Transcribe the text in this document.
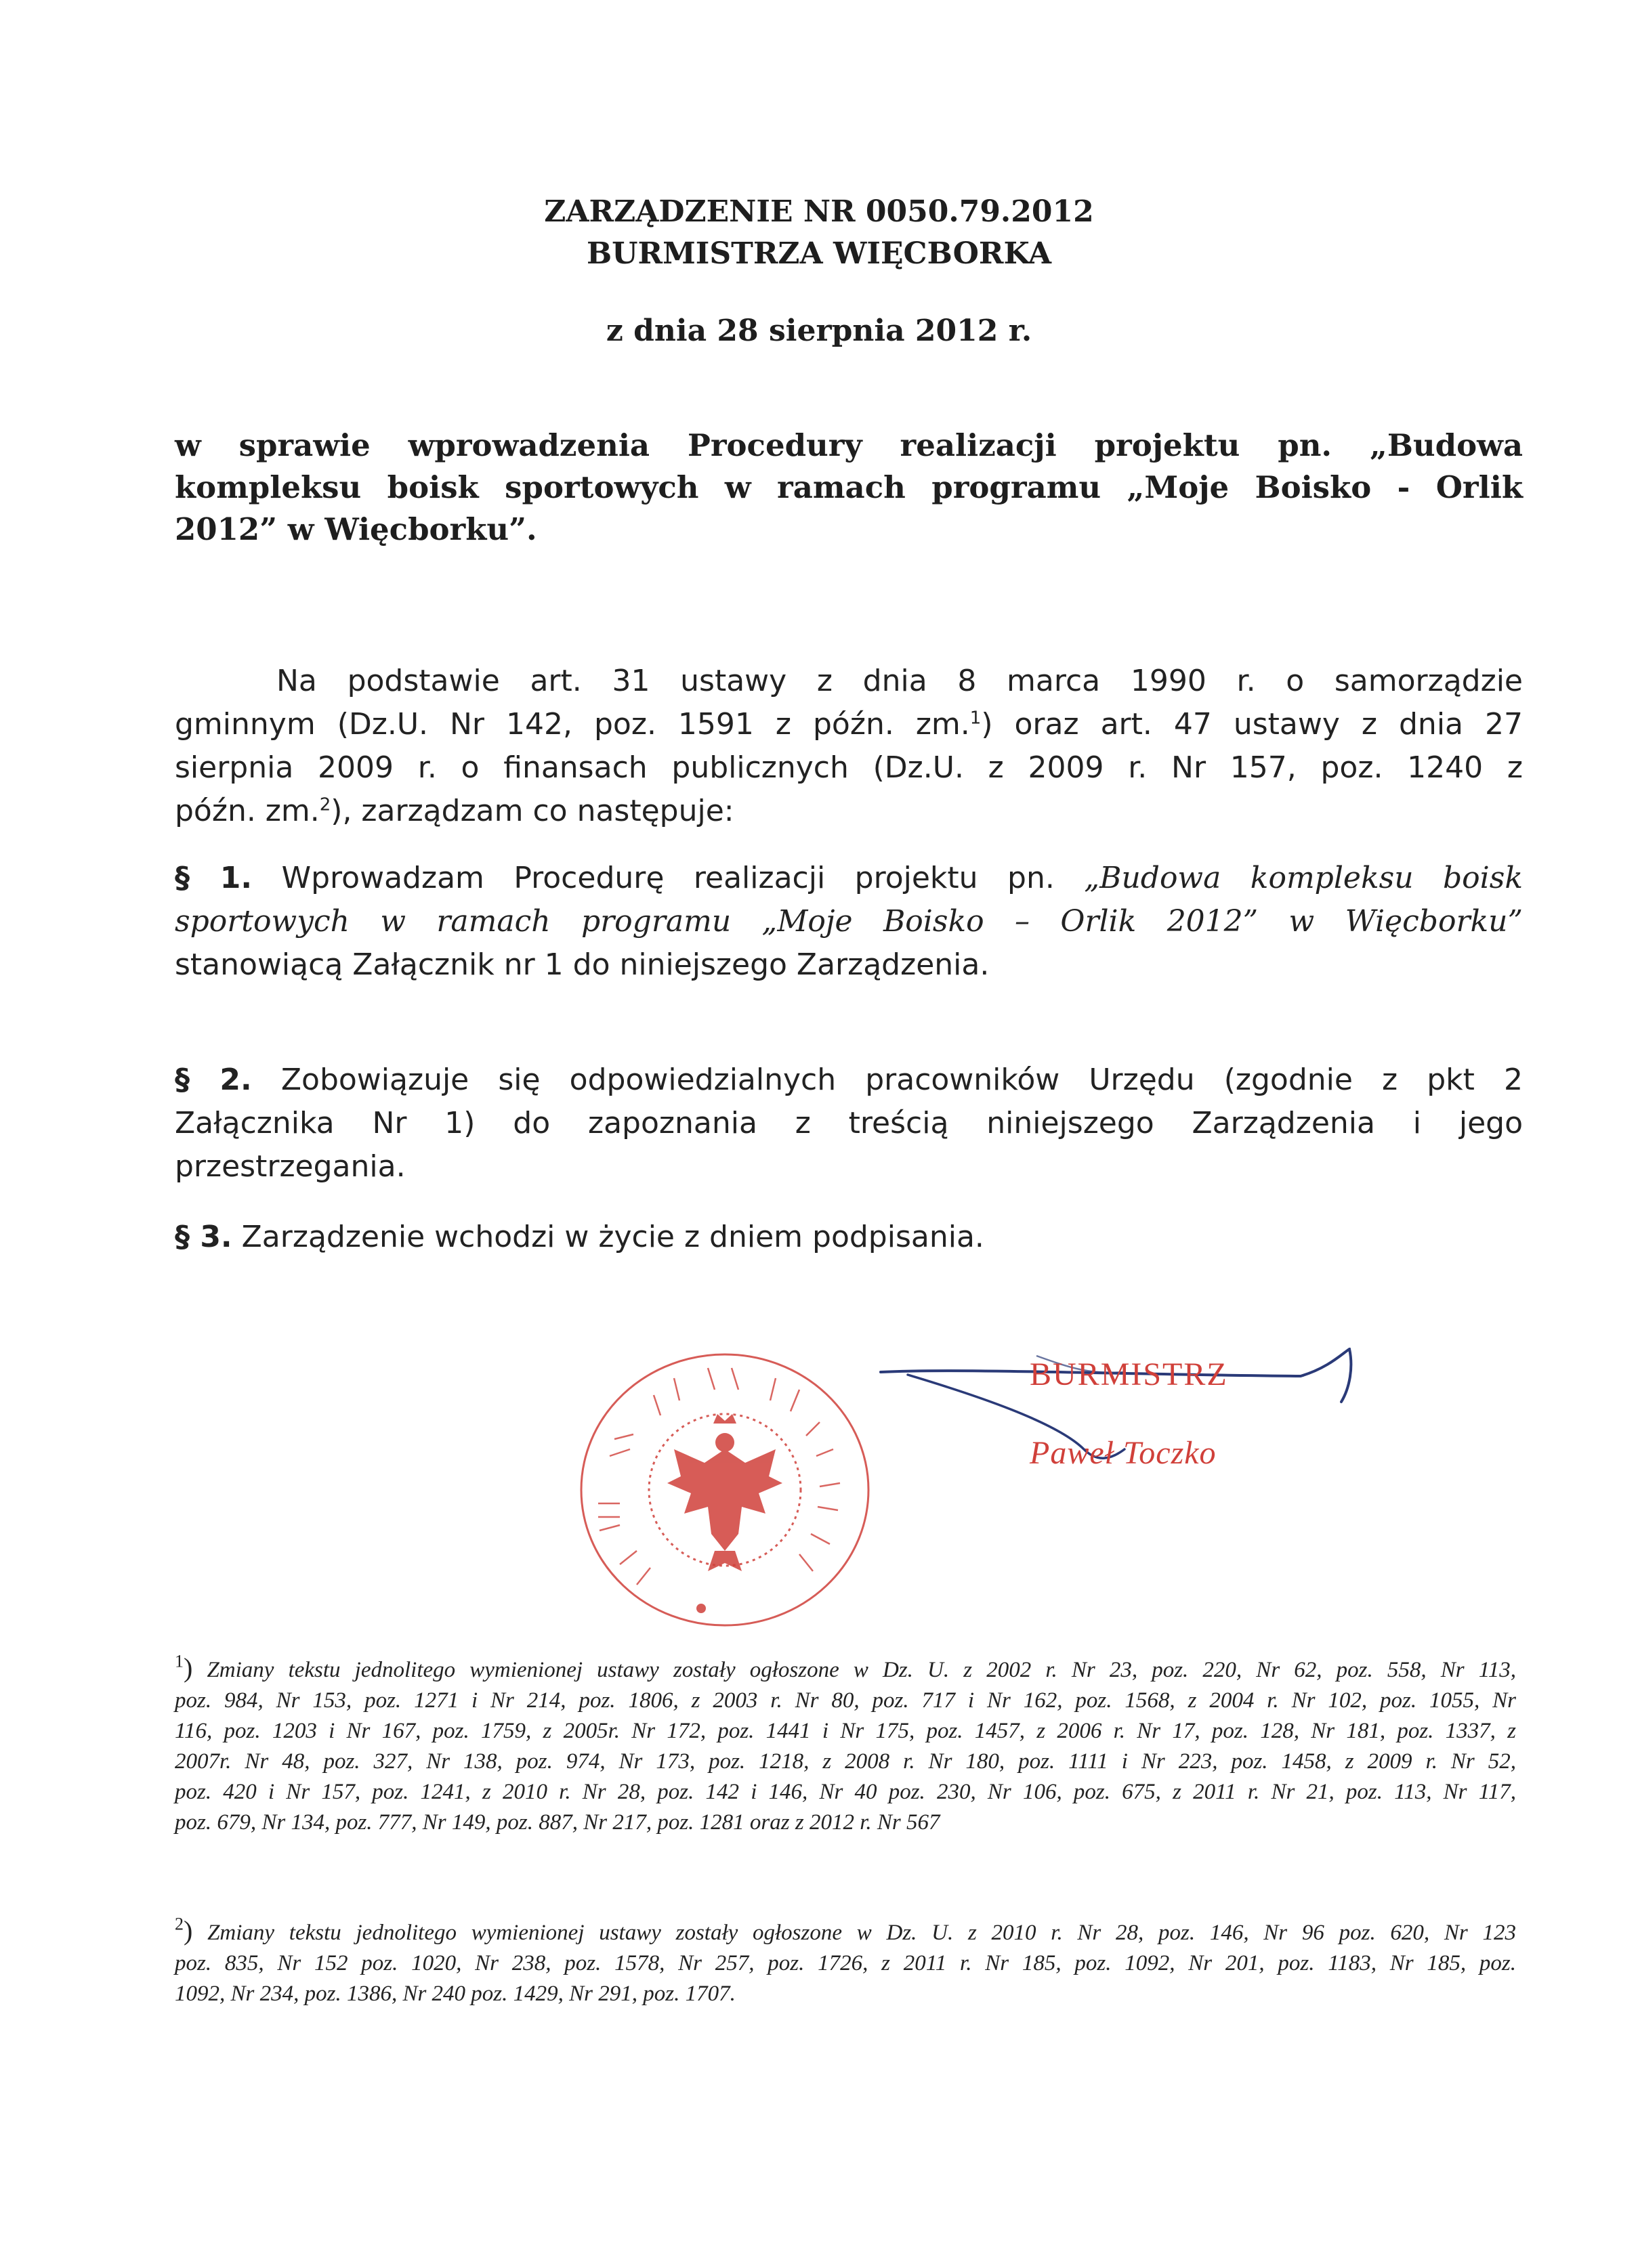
ZARZĄDZENIE NR 0050.79.2012
BURMISTRZA WIĘCBORKA
z dnia 28 sierpnia 2012 r.
w sprawie wprowadzenia Procedury realizacji projektu pn. „Budowa
kompleksu boisk sportowych w ramach programu „Moje Boisko - Orlik
2012” w Więcborku”.
Na podstawie art. 31 ustawy z dnia 8 marca 1990 r. o samorządzie
gminnym (Dz.U. Nr 142, poz. 1591 z późn. zm.$^1$) oraz art. 47 ustawy z dnia 27
sierpnia 2009 r. o finansach publicznych (Dz.U. z 2009 r. Nr 157, poz. 1240 z
późn. zm.$^2$), zarządzam co następuje:
§ 1. Wprowadzam Procedurę realizacji projektu pn. „Budowa kompleksu boisk
sportowych w ramach programu „Moje Boisko – Orlik 2012” w Więcborku”
stanowiącą Załącznik nr 1 do niniejszego Zarządzenia.
§ 2. Zobowiązuje się odpowiedzialnych pracowników Urzędu (zgodnie z pkt 2
Załącznika Nr 1) do zapoznania z treścią niniejszego Zarządzenia i jego
przestrzegania.
§ 3. Zarządzenie wchodzi w życie z dniem podpisania.
BURMISTRZ
Paweł Toczko
$^1$) Zmiany tekstu jednolitego wymienionej ustawy zostały ogłoszone w Dz. U. z 2002 r. Nr 23, poz. 220, Nr 62, poz. 558, Nr 113,
poz. 984, Nr 153, poz. 1271 i Nr 214, poz. 1806, z 2003 r. Nr 80, poz. 717 i Nr 162, poz. 1568, z 2004 r. Nr 102, poz. 1055, Nr
116, poz. 1203 i Nr 167, poz. 1759, z 2005r. Nr 172, poz. 1441 i Nr 175, poz. 1457, z 2006 r. Nr 17, poz. 128, Nr 181, poz. 1337, z
2007r. Nr 48, poz. 327, Nr 138, poz. 974, Nr 173, poz. 1218, z 2008 r. Nr 180, poz. 1111 i Nr 223, poz. 1458, z 2009 r. Nr 52,
poz. 420 i Nr 157, poz. 1241, z 2010 r. Nr 28, poz. 142 i 146, Nr 40 poz. 230, Nr 106, poz. 675, z 2011 r. Nr 21, poz. 113, Nr 117,
poz. 679, Nr 134, poz. 777, Nr 149, poz. 887, Nr 217, poz. 1281 oraz z 2012 r. Nr 567
$^2$) Zmiany tekstu jednolitego wymienionej ustawy zostały ogłoszone w Dz. U. z 2010 r. Nr 28, poz. 146, Nr 96 poz. 620, Nr 123
poz. 835, Nr 152 poz. 1020, Nr 238, poz. 1578, Nr 257, poz. 1726, z 2011 r. Nr 185, poz. 1092, Nr 201, poz. 1183, Nr 185, poz.
1092, Nr 234, poz. 1386, Nr 240 poz. 1429, Nr 291, poz. 1707.
